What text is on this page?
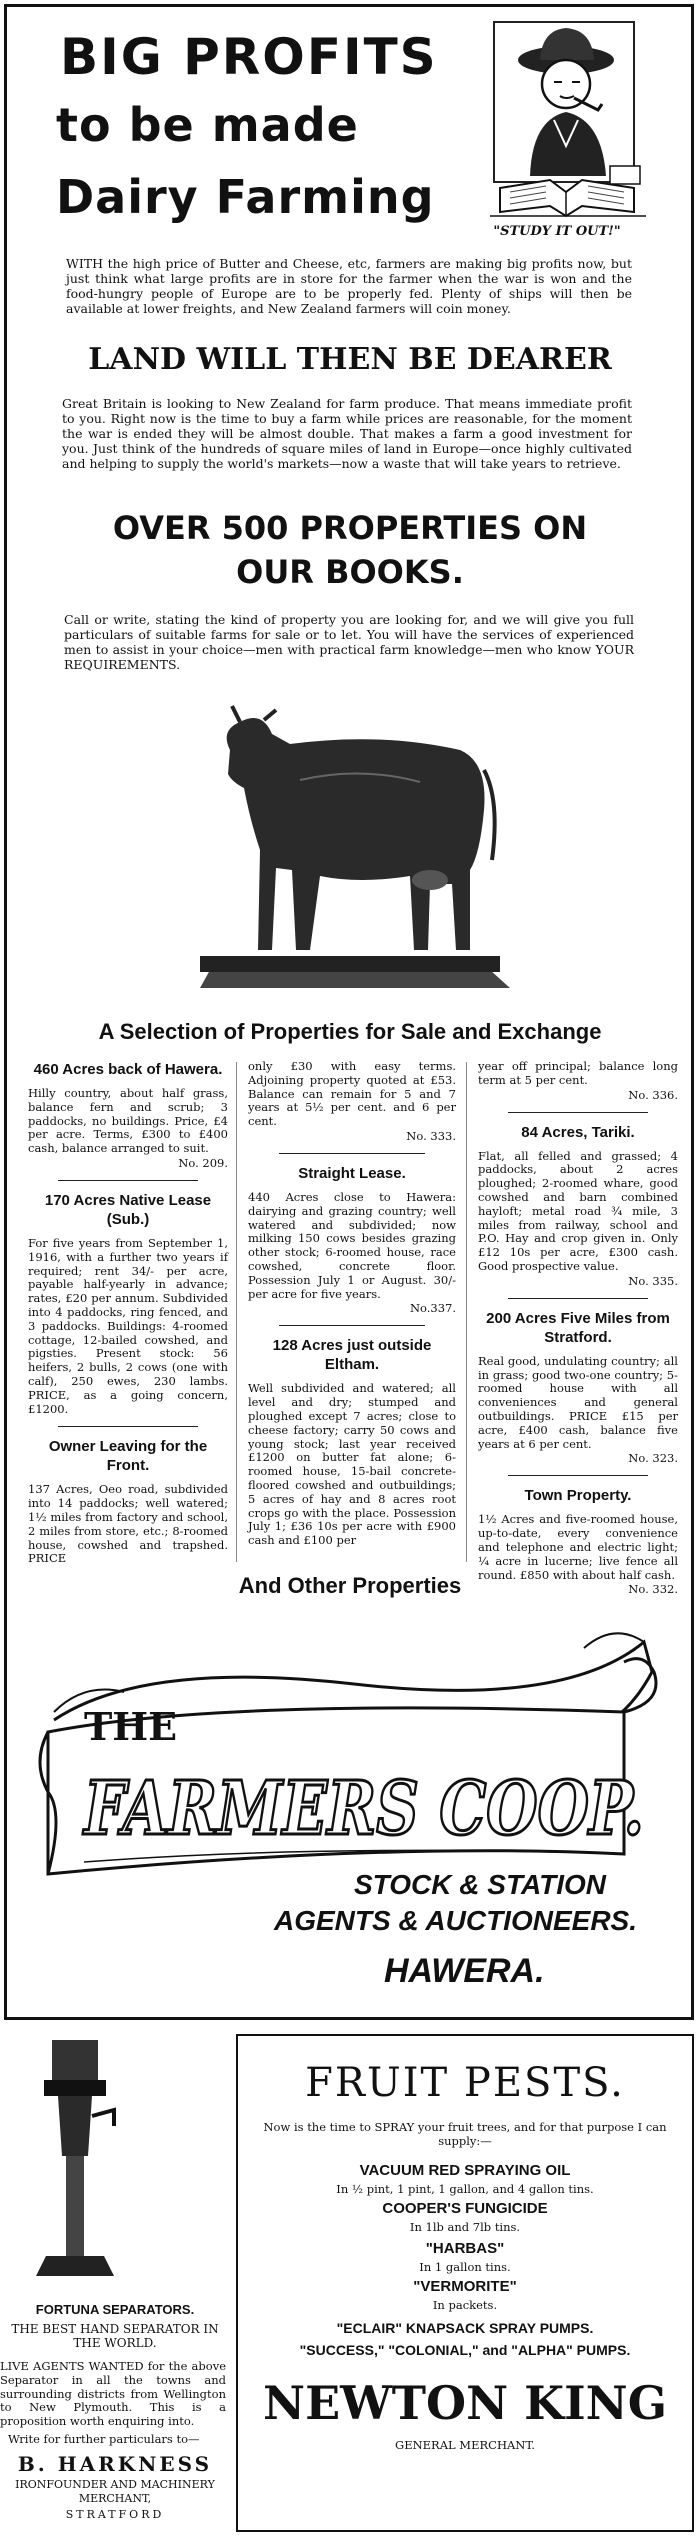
BIG PROFITS
to be made
Dairy Farming
"STUDY IT OUT!"

WITH the high price of Butter and Cheese, etc, farmers are making big profits now, but just think what large profits are in store for the farmer when the war is won and the food-hungry people of Europe are to be properly fed. Plenty of ships will then be available at lower freights, and New Zealand farmers will coin money.

LAND WILL THEN BE DEARER

Great Britain is looking to New Zealand for farm produce. That means immediate profit to you. Right now is the time to buy a farm while prices are reasonable, for the moment the war is ended they will be almost double. That makes a farm a good investment for you. Just think of the hundreds of square miles of land in Europe—once highly cultivated and helping to supply the world's markets—now a waste that will take years to retrieve.

OVER 500 PROPERTIES ON
OUR BOOKS.

Call or write, stating the kind of property you are looking for, and we will give you full particulars of suitable farms for sale or to let. You will have the services of experienced men to assist in your choice—men with practical farm knowledge—men who know YOUR REQUIREMENTS.

A Selection of Properties for Sale and Exchange
460 Acres back of Hawera.

Hilly country, about half grass, balance fern and scrub; 3 paddocks, no buildings. Price, £4 per acre. Terms, £300 to £400 cash, balance arranged to suit.

No. 209.
170 Acres Native Lease (Sub.)

For five years from September 1, 1916, with a further two years if required; rent 34/- per acre, payable half-yearly in advance; rates, £20 per annum. Subdivided into 4 paddocks, ring fenced, and 3 paddocks. Buildings: 4-roomed cottage, 12-bailed cowshed, and pigsties. Present stock: 56 heifers, 2 bulls, 2 cows (one with calf), 250 ewes, 230 lambs. PRICE, as a going concern, £1200.

Owner Leaving for the Front.

137 Acres, Oeo road, subdivided into 14 paddocks; well watered; 1½ miles from factory and school, 2 miles from store, etc.; 8-roomed house, cowshed and trapshed. PRICE

only £30 with easy terms. Adjoining property quoted at £53. Balance can remain for 5 and 7 years at 5½ per cent. and 6 per cent.

No. 333.
Straight Lease.

440 Acres close to Hawera: dairying and grazing country; well watered and subdivided; now milking 150 cows besides grazing other stock; 6-roomed house, race cowshed, concrete floor. Possession July 1 or August. 30/- per acre for five years.

No.337.
128 Acres just outside Eltham.

Well subdivided and watered; all level and dry; stumped and ploughed except 7 acres; close to cheese factory; carry 50 cows and young stock; last year received £1200 on butter fat alone; 6-roomed house, 15-bail concrete-floored cowshed and outbuildings; 5 acres of hay and 8 acres root crops go with the place. Possession July 1; £36 10s per acre with £900 cash and £100 per

year off principal; balance long term at 5 per cent.

No. 336.
84 Acres, Tariki.

Flat, all felled and grassed; 4 paddocks, about 2 acres ploughed; 2-roomed whare, good cowshed and barn combined hayloft; metal road ¾ mile, 3 miles from railway, school and P.O. Hay and crop given in. Only £12 10s per acre, £300 cash. Good prospective value.

No. 335.
200 Acres Five Miles from Stratford.

Real good, undulating country; all in grass; good two-one country; 5-roomed house with all conveniences and general outbuildings. PRICE £15 per acre, £400 cash, balance five years at 6 per cent.

No. 323.
Town Property.

1½ Acres and five-roomed house, up-to-date, every convenience and telephone and electric light; ¼ acre in lucerne; live fence all round. £850 with about half cash.

No. 332.
And Other Properties
THE
FARMERS COOP.
STOCK & STATION
AGENTS & AUCTIONEERS.
HAWERA.
FORTUNA SEPARATORS.
THE BEST HAND SEPARATOR IN THE WORLD.

LIVE AGENTS WANTED for the above Separator in all the towns and surrounding districts from Wellington to New Plymouth. This is a proposition worth enquiring into.

Write for further particulars to—

B. HARKNESS
IRONFOUNDER AND MACHINERY
MERCHANT,
STRATFORD
FRUIT PESTS.

Now is the time to SPRAY your fruit trees, and for that purpose I can supply:—

VACUUM RED SPRAYING OIL

In ½ pint, 1 pint, 1 gallon, and 4 gallon tins.

COOPER'S FUNGICIDE

In 1lb and 7lb tins.

"HARBAS"

In 1 gallon tins.

"VERMORITE"

In packets.

"ECLAIR" KNAPSACK SPRAY PUMPS.

"SUCCESS," "COLONIAL," and "ALPHA" PUMPS.

NEWTON KING
GENERAL MERCHANT.
